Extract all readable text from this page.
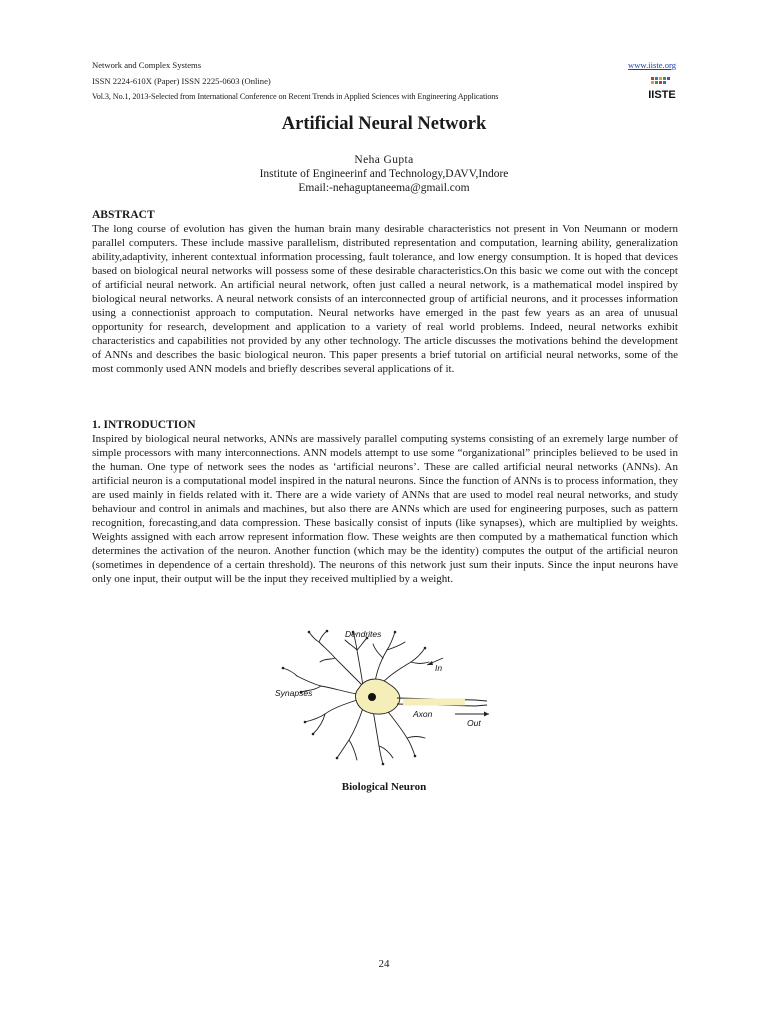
Network and Complex Systems	www.iiste.org
ISSN 2224-610X (Paper) ISSN 2225-0603 (Online)
Vol.3, No.1, 2013-Selected from International Conference on Recent Trends in Applied Sciences with Engineering Applications	IISTE
Artificial Neural Network
Neha Gupta
Institute of Engineerinf and Technology,DAVV,Indore
Email:-nehaguptaneema@gmail.com
ABSTRACT

The long course of evolution has given the human brain many desirable characteristics not present in Von Neumann or modern parallel computers. These include massive parallelism, distributed representation and computation, learning ability, generalization ability,adaptivity, inherent contextual information processing, fault tolerance, and low energy consumption. It is hoped that devices based on biological neural networks will possess some of these desirable characteristics.On this basic we come out with the concept of artificial neural network. An artificial neural network, often just called a neural network, is a mathematical model inspired by biological neural networks. A neural network consists of an interconnected group of artificial neurons, and it processes information using a connectionist approach to computation. Neural networks have emerged in the past few years as an area of unusual opportunity for research, development and application to a variety of real world problems. Indeed, neural networks exhibit characteristics and capabilities not provided by any other technology. The article discusses the motivations behind the development of ANNs and describes the basic biological neuron. This paper presents a brief tutorial on artificial neural networks, some of the most commonly used ANN models and briefly describes several applications of it.

1. INTRODUCTION

Inspired by biological neural networks, ANNs are massively parallel computing systems consisting of an exremely large number of simple processors with many interconnections. ANN models attempt to use some “organizational” principles believed to be used in the human. One type of network sees the nodes as ‘artificial neurons’. These are called artificial neural networks (ANNs). An artificial neuron is a computational model inspired in the natural neurons. Since the function of ANNs is to process information, they are used mainly in fields related with it. There are a wide variety of ANNs that are used to model real neural networks, and study behaviour and control in animals and machines, but also there are ANNs which are used for engineering purposes, such as pattern recognition, forecasting,and data compression. These basically consist of inputs (like synapses), which are multiplied by weights. Weights assigned with each arrow represent information flow. These weights are then computed by a mathematical function which determines the activation of the neuron. Another function (which may be the identity) computes the output of the artificial neuron (sometimes in dependence of a certain threshold). The neurons of this network just sum their inputs. Since the input neurons have only one input, their output will be the input they received multiplied by a weight.

Dendrites
In
Synapses
Axon
Out
Biological Neuron
24
